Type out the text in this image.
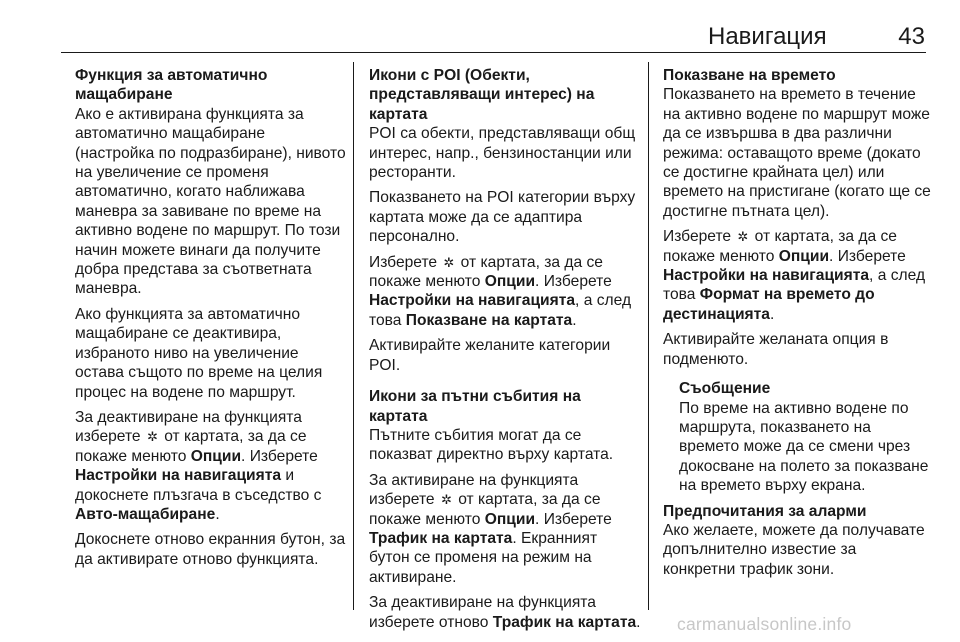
Навигация	43
Функция за автоматично мащабиране

Ако е активирана функцията за автоматично мащабиране (настройка по подразбиране), нивото на увеличение се променя автоматично, когато наближава маневра за завиване по време на активно водене по маршрут. По този начин можете винаги да получите добра представа за съответната маневра.

Ако функцията за автоматично мащабиране се деактивира, избраното ниво на увеличение остава същото по време на целия процес на водене по маршрут.

За деактивиране на функцията изберете ✲ от картата, за да се покаже менюто Опции. Изберете Настройки на навигацията и докоснете плъзгача в съседство с Авто-мащабиране.

Докоснете отново екранния бутон, за да активирате отново функцията.

Икони с POI (Обекти, представляващи интерес) на картата

POI са обекти, представляващи общ интерес, напр., бензиностанции или ресторанти.

Показването на POI категории върху картата може да се адаптира персонално.

Изберете ✲ от картата, за да се покаже менюто Опции. Изберете Настройки на навигацията, а след това Показване на картата.

Активирайте желаните категории POI.

Икони за пътни събития на картата

Пътните събития могат да се показват директно върху картата.

За активиране на функцията изберете ✲ от картата, за да се покаже менюто Опции. Изберете Трафик на картата. Екранният бутон се променя на режим на активиране.

За деактивиране на функцията изберете отново Трафик на картата.

Показване на времето

Показването на времето в течение на активно водене по маршрут може да се извършва в два различни режима: оставащото време (докато се достигне крайната цел) или времето на пристигане (когато ще се достигне пътната цел).

Изберете ✲ от картата, за да се покаже менюто Опции. Изберете Настройки на навигацията, а след това Формат на времето до дестинацията.

Активирайте желаната опция в подменюто.

Съобщение

По време на активно водене по маршрута, показването на времето може да се смени чрез докосване на полето за показване на времето върху екрана.

Предпочитания за аларми

Ако желаете, можете да получавате допълнително известие за конкретни трафик зони.

carmanualsonline.info
